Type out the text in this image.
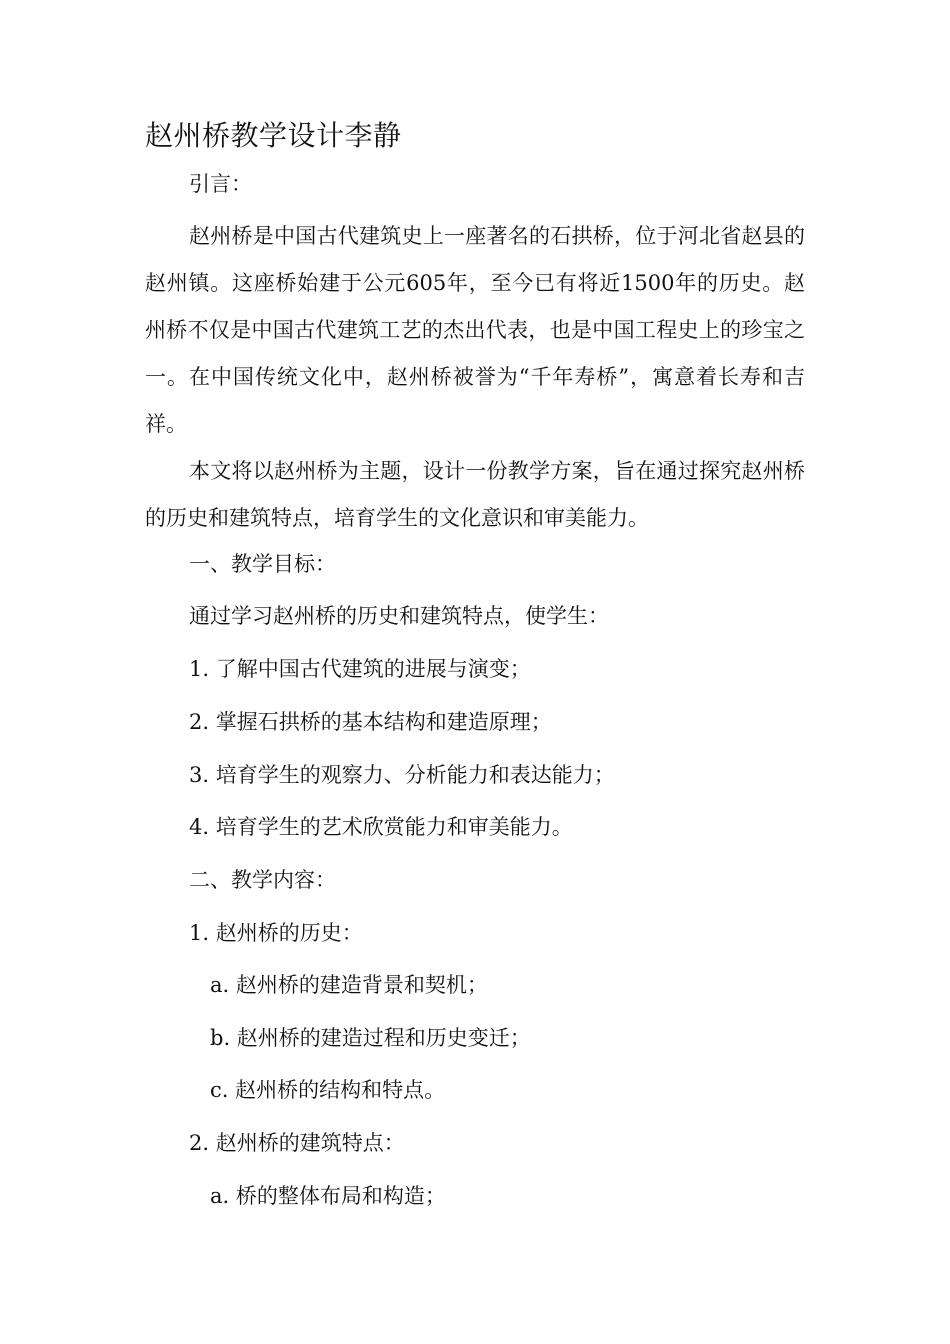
赵州桥教学设计李静
引言：

赵州桥是中国古代建筑史上一座著名的石拱桥，位于河北省赵县的赵州镇。这座桥始建于公元605年，至今已有将近1500年的历史。赵州桥不仅是中国古代建筑工艺的杰出代表，也是中国工程史上的珍宝之一。在中国传统文化中，赵州桥被誉为“千年寿桥”，寓意着长寿和吉祥。

本文将以赵州桥为主题，设计一份教学方案，旨在通过探究赵州桥的历史和建筑特点，培育学生的文化意识和审美能力。

一、教学目标：
通过学习赵州桥的历史和建筑特点，使学生：
1. 了解中国古代建筑的进展与演变；
2. 掌握石拱桥的基本结构和建造原理；
3. 培育学生的观察力、分析能力和表达能力；
4. 培育学生的艺术欣赏能力和审美能力。
二、教学内容：
1. 赵州桥的历史：
a. 赵州桥的建造背景和契机；
b. 赵州桥的建造过程和历史变迁；
c. 赵州桥的结构和特点。
2. 赵州桥的建筑特点：
a. 桥的整体布局和构造；
